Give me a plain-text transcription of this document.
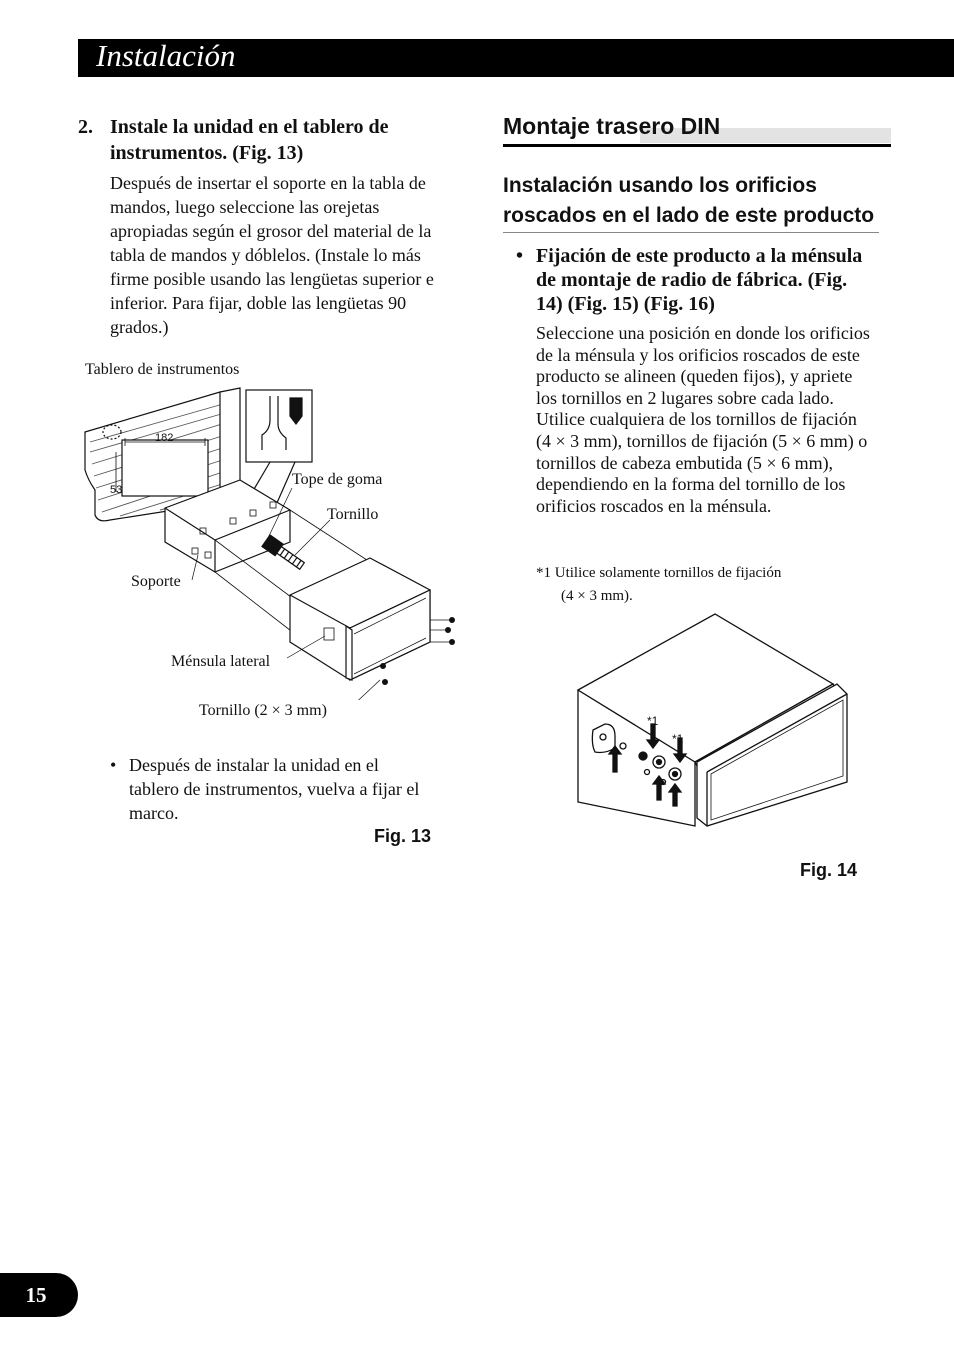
Instalación
2. Instale la unidad en el tablero de instrumentos. (Fig. 13)
Después de insertar el soporte en la tabla de mandos, luego seleccione las orejetas apropiadas según el grosor del material de la tabla de mandos y dóblelos. (Instale lo más firme posible usando las lengüetas superior e inferior. Para fijar, doble las lengüetas 90 grados.)
Tablero de instrumentos
Tope de goma
Tornillo
Soporte
Ménsula lateral
Tornillo (2 × 3 mm)
182
53
• Después de instalar la unidad en el tablero de instrumentos, vuelva a fijar el marco.
Fig. 13
Montaje trasero DIN
Instalación usando los orificios roscados en el lado de este producto
• Fijación de este producto a la ménsula de montaje de radio de fábrica. (Fig. 14) (Fig. 15) (Fig. 16)
Seleccione una posición en donde los orificios de la ménsula y los orificios roscados de este producto se alineen (queden fijos), y apriete los tornillos en 2 lugares sobre cada lado. Utilice cualquiera de los tornillos de fijación (4 × 3 mm), tornillos de fijación (5 × 6 mm) o tornillos de cabeza embutida (5 × 6 mm), dependiendo en la forma del tornillo de los orificios roscados en la ménsula.
*1 Utilice solamente tornillos de fijación
(4 × 3 mm).
*1
*1
Fig. 14
15
